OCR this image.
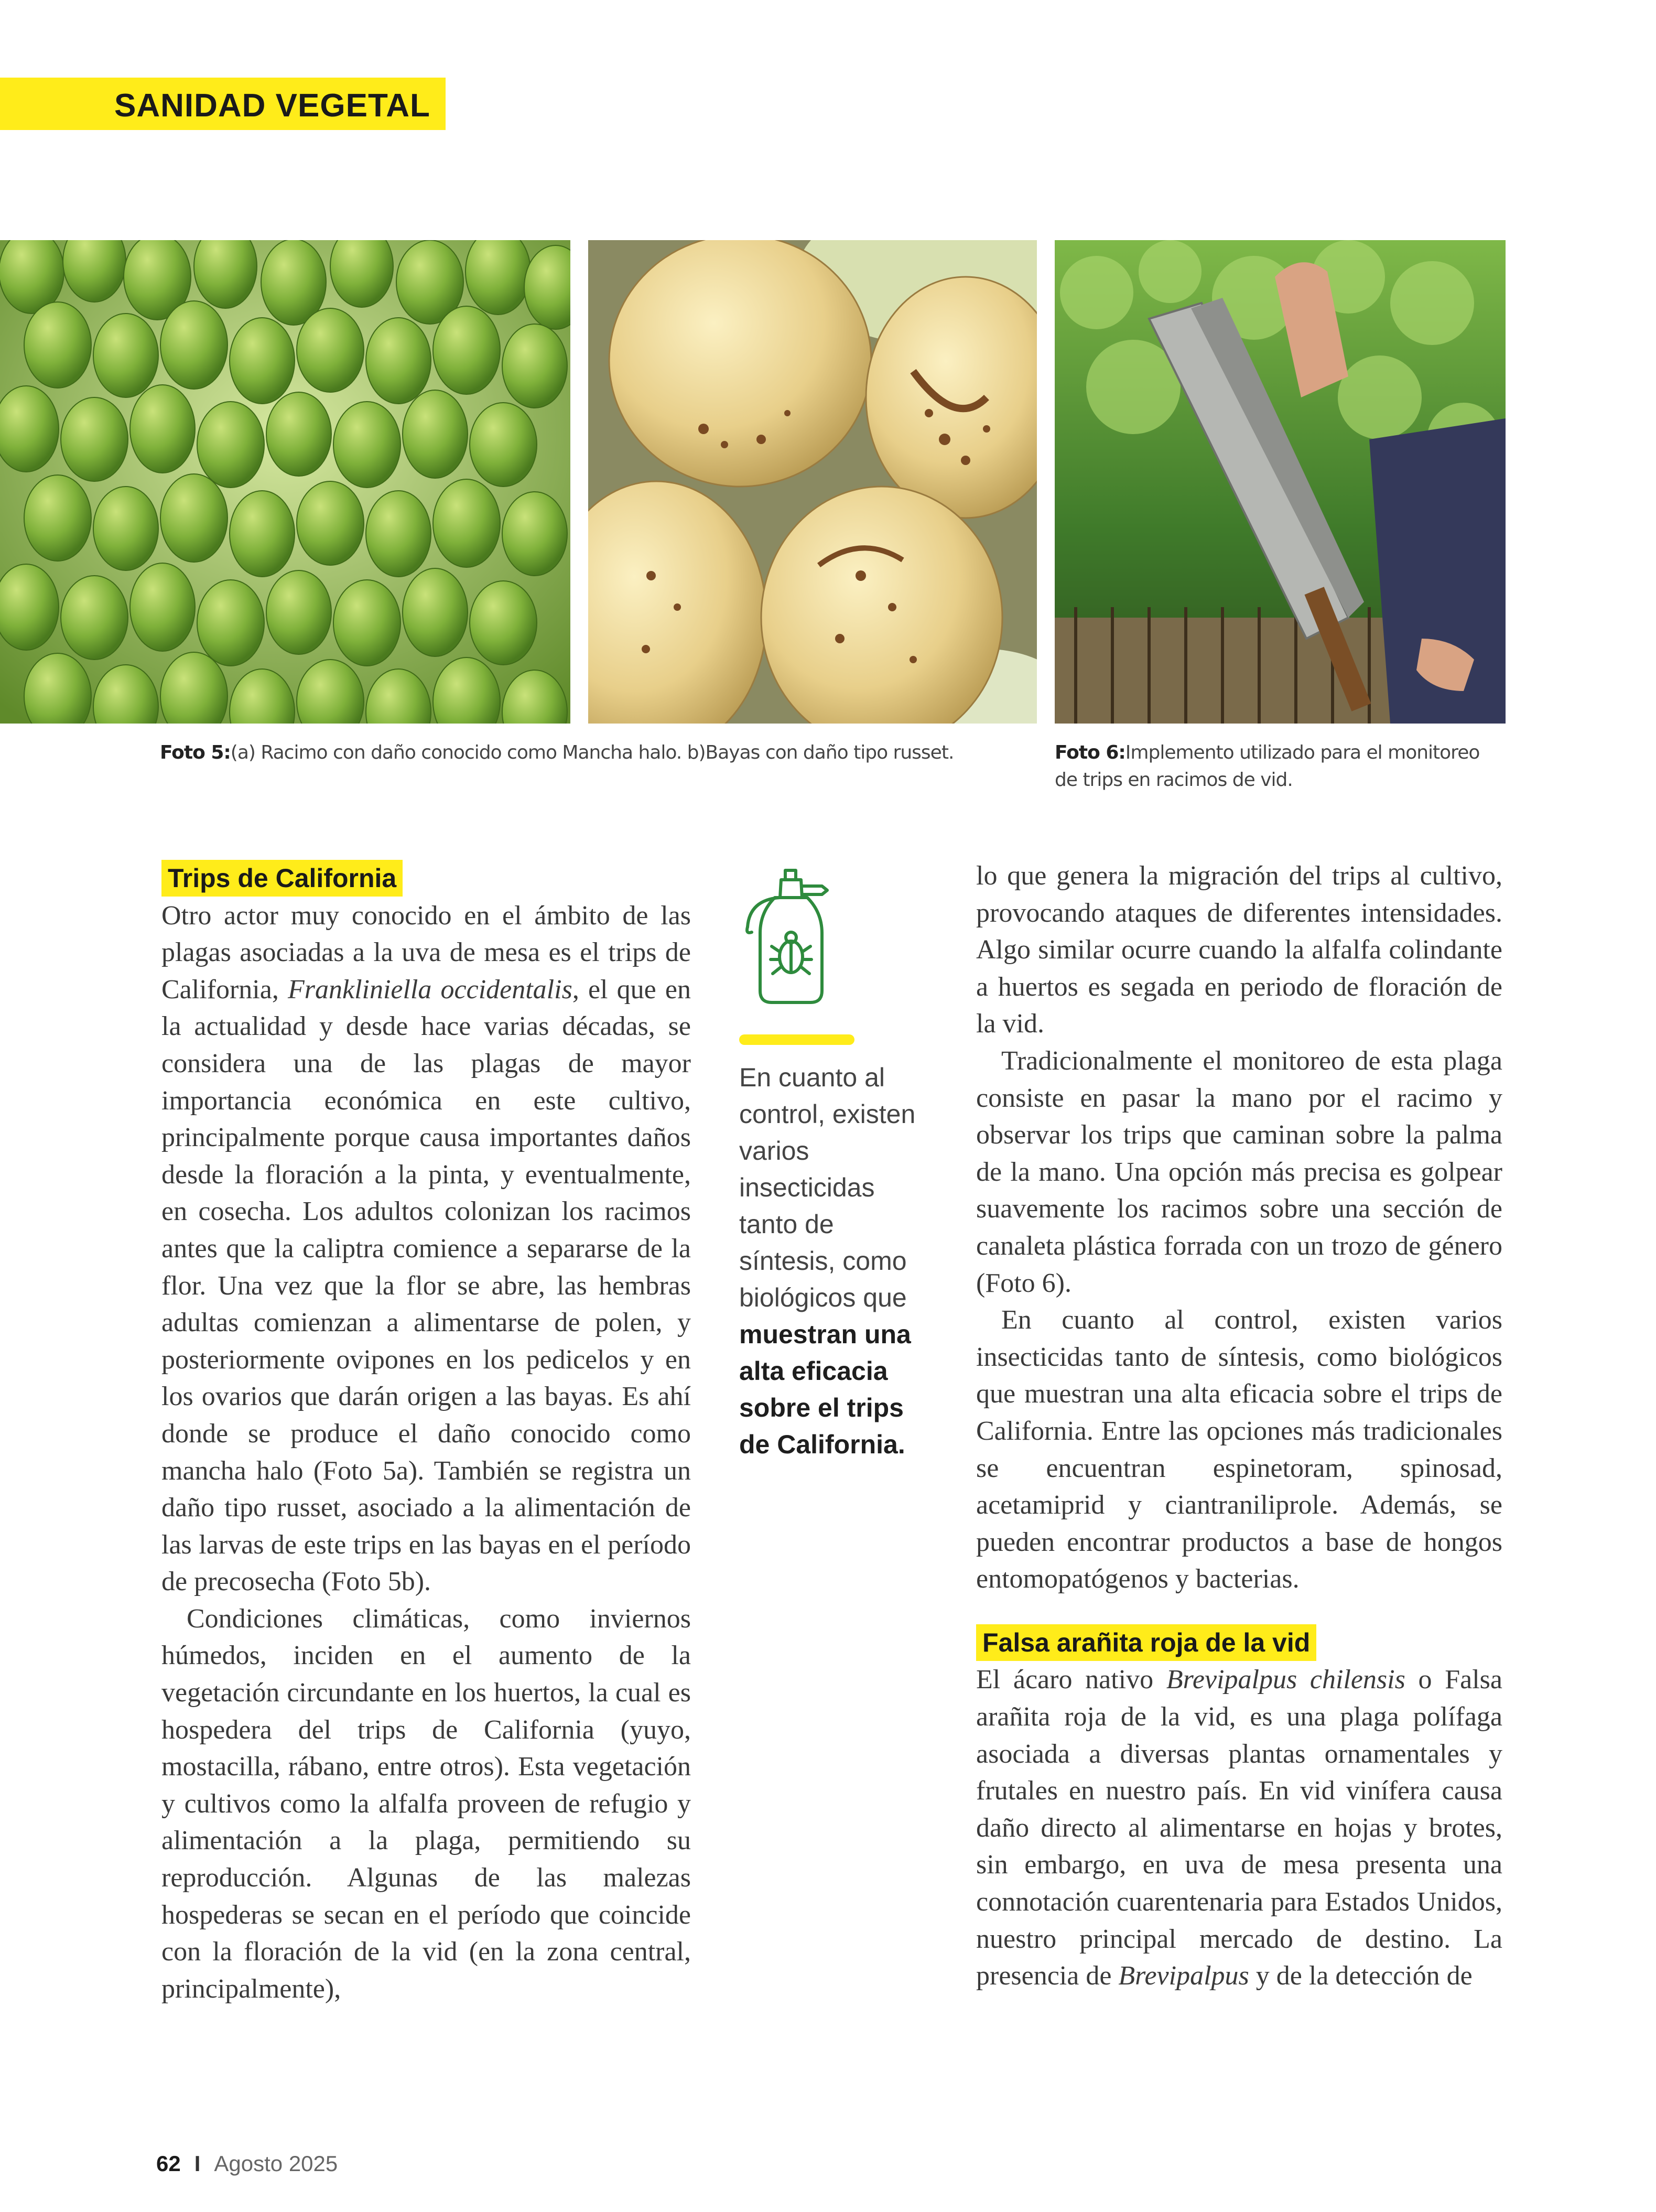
SANIDAD VEGETAL
Foto 5:(a) Racimo con daño conocido como Mancha halo. b)Bayas con daño tipo russet.	Foto 6:Implemento utilizado para el monitoreo de trips en racimos de vid.
Trips de California

Otro actor muy conocido en el ámbito de las plagas asociadas a la uva de mesa es el trips de California, Frankliniella occidentalis, el que en la actualidad y desde hace varias décadas, se considera una de las plagas de mayor importancia económica en este cultivo, principalmente porque causa importantes daños desde la floración a la pinta, y eventualmente, en cosecha. Los adultos colonizan los racimos antes que la caliptra comience a separarse de la flor. Una vez que la flor se abre, las hembras adultas comienzan a alimentarse de polen, y posteriormente ovipones en los pedicelos y en los ovarios que darán origen a las bayas. Es ahí donde se produce el daño conocido como mancha halo (Foto 5a). También se registra un daño tipo russet, asociado a la alimentación de las larvas de este trips en las bayas en el período de precosecha (Foto 5b).

Condiciones climáticas, como inviernos húmedos, inciden en el aumento de la vegetación circundante en los huertos, la cual es hospedera del trips de California (yuyo, mostacilla, rábano, entre otros). Esta vegetación y cultivos como la alfalfa proveen de refugio y alimentación a la plaga, permitiendo su reproducción. Algunas de las malezas hospederas se secan en el período que coincide con la floración de la vid (en la zona central, principalmente),

En cuanto al control, existen varios insecticidas tanto de síntesis, como biológicos que muestran una alta eficacia sobre el trips de California.

lo que genera la migración del trips al cultivo, provocando ataques de diferentes intensidades. Algo similar ocurre cuando la alfalfa colindante a huertos es segada en periodo de floración de la vid.

Tradicionalmente el monitoreo de esta plaga consiste en pasar la mano por el racimo y observar los trips que caminan sobre la palma de la mano. Una opción más precisa es golpear suavemente los racimos sobre una sección de canaleta plástica forrada con un trozo de género (Foto 6).

En cuanto al control, existen varios insecticidas tanto de síntesis, como biológicos que muestran una alta eficacia sobre el trips de California. Entre las opciones más tradicionales se encuentran espinetoram, spinosad, acetamiprid y ciantraniliprole. Además, se pueden encontrar productos a base de hongos entomopatógenos y bacterias.

Falsa arañita roja de la vid

El ácaro nativo Brevipalpus chilensis o Falsa arañita roja de la vid, es una plaga polífaga asociada a diversas plantas ornamentales y frutales en nuestro país. En vid vinífera causa daño directo al alimentarse en hojas y brotes, sin embargo, en uva de mesa presenta una connotación cuarentenaria para Estados Unidos, nuestro principal mercado de destino. La presencia de Brevipalpus y de la detección de

62 I Agosto 2025
